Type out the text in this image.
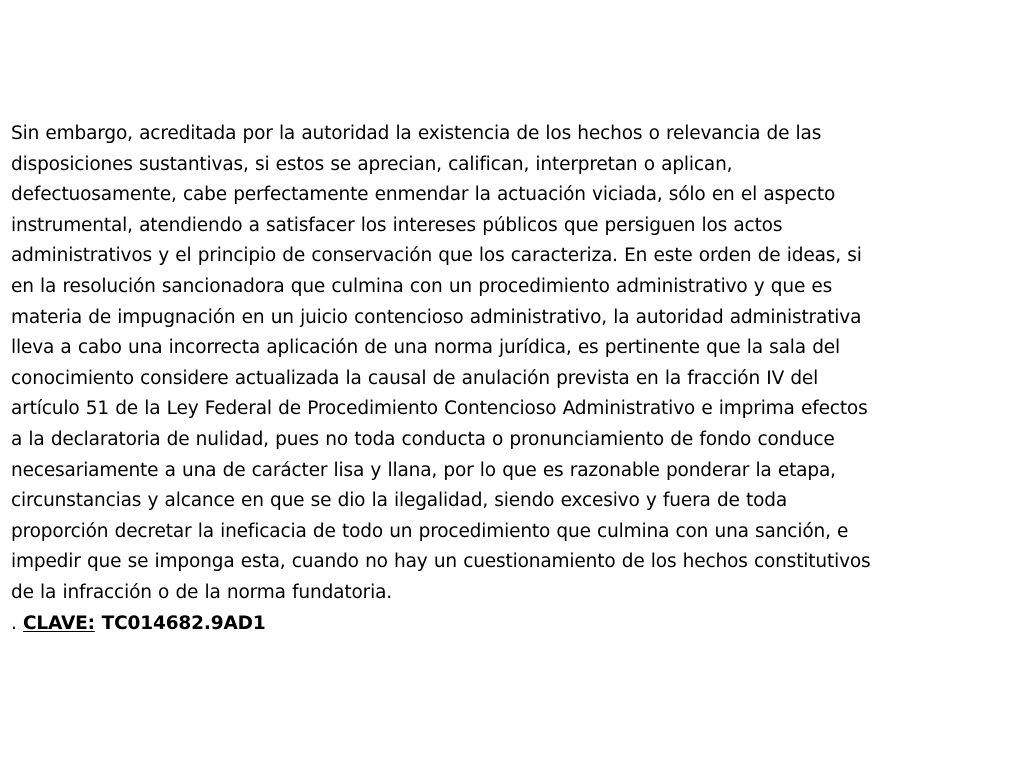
Sin embargo, acreditada por la autoridad la existencia de los hechos o relevancia de las
disposiciones sustantivas, si estos se aprecian, califican, interpretan o aplican,
defectuosamente, cabe perfectamente enmendar la actuación viciada, sólo en el aspecto
instrumental, atendiendo a satisfacer los intereses públicos que persiguen los actos
administrativos y el principio de conservación que los caracteriza. En este orden de ideas, si
en la resolución sancionadora que culmina con un procedimiento administrativo y que es
materia de impugnación en un juicio contencioso administrativo, la autoridad administrativa
lleva a cabo una incorrecta aplicación de una norma jurídica, es pertinente que la sala del
conocimiento considere actualizada la causal de anulación prevista en la fracción IV del
artículo 51 de la Ley Federal de Procedimiento Contencioso Administrativo e imprima efectos
a la declaratoria de nulidad, pues no toda conducta o pronunciamiento de fondo conduce
necesariamente a una de carácter lisa y llana, por lo que es razonable ponderar la etapa,
circunstancias y alcance en que se dio la ilegalidad, siendo excesivo y fuera de toda
proporción decretar la ineficacia de todo un procedimiento que culmina con una sanción, e
impedir que se imponga esta, cuando no hay un cuestionamiento de los hechos constitutivos
de la infracción o de la norma fundatoria.

. CLAVE: TC014682.9AD1
